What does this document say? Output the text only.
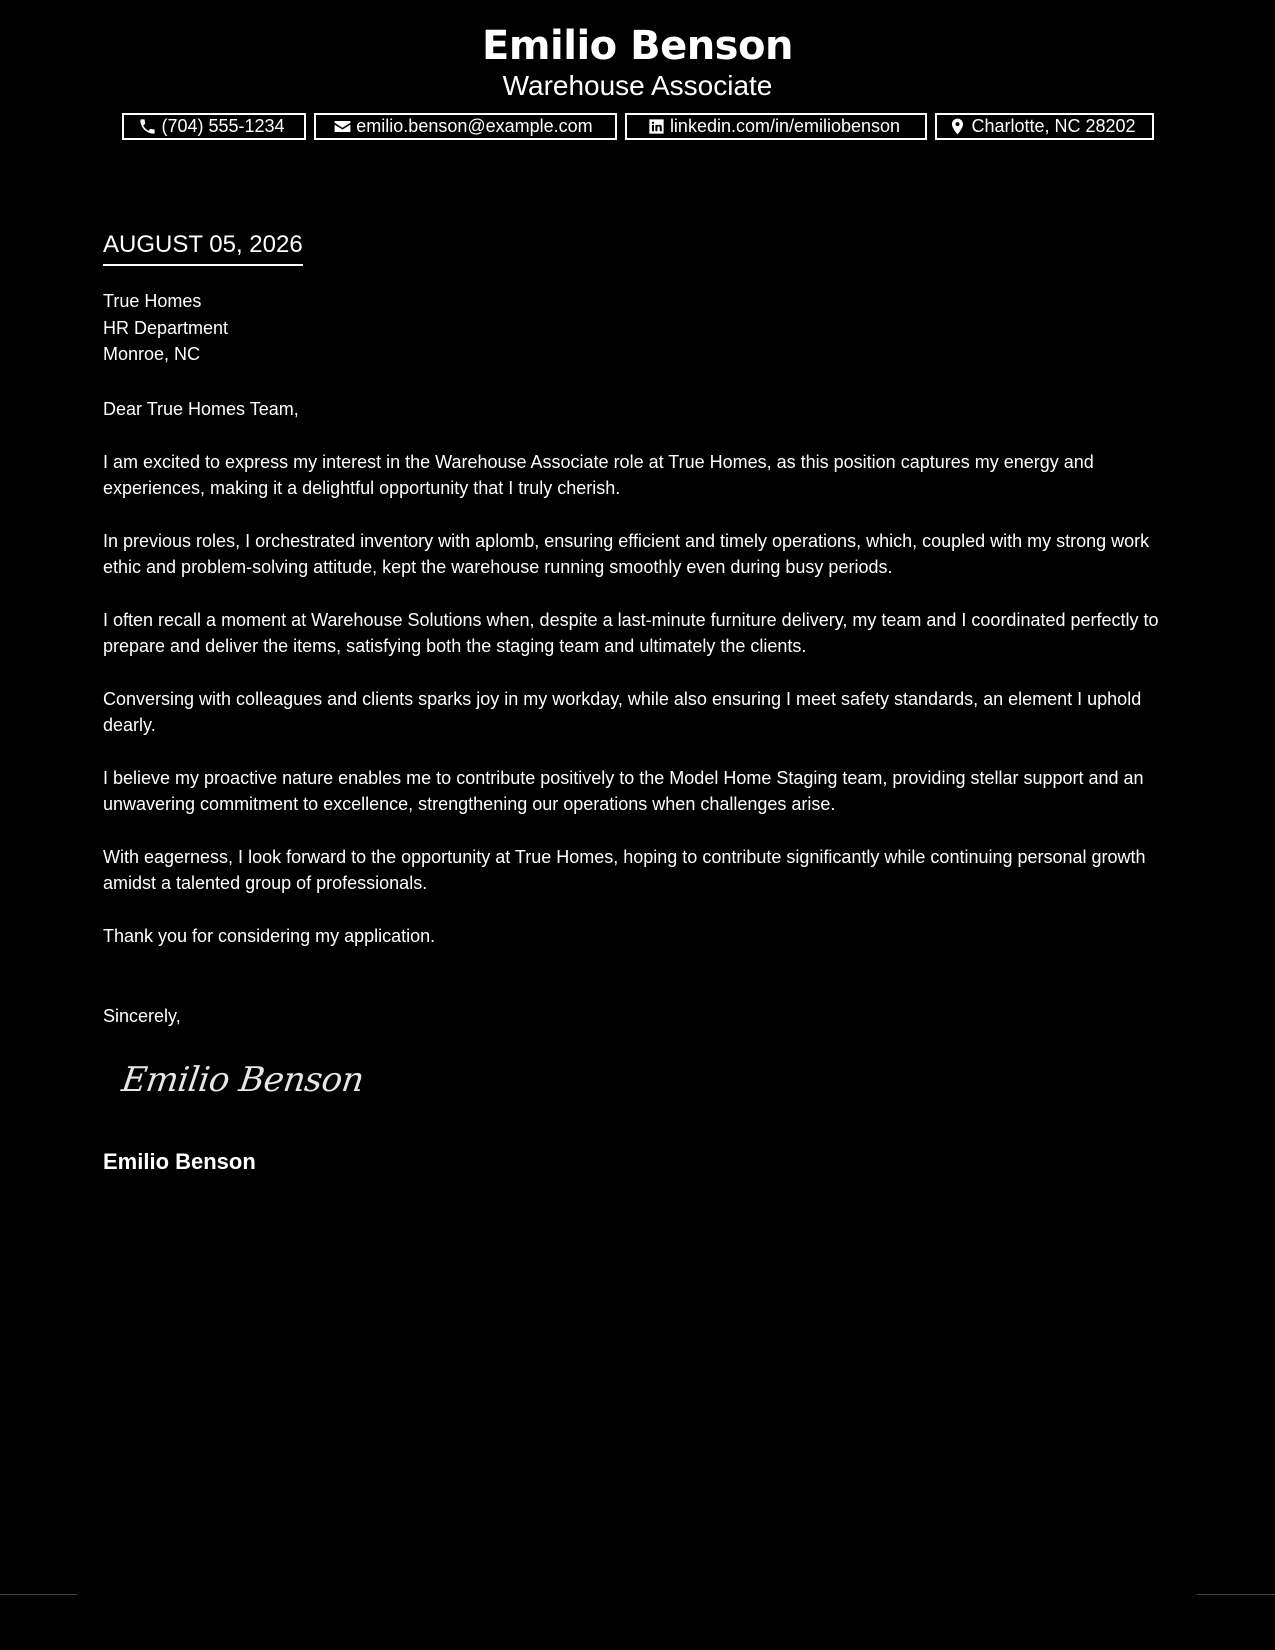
Emilio Benson
Warehouse Associate
(704) 555-1234	emilio.benson@example.com	linkedin.com/in/emiliobenson	Charlotte, NC 28202
AUGUST 05, 2026
True Homes
HR Department
Monroe, NC

Dear True Homes Team,

I am excited to express my interest in the Warehouse Associate role at True Homes, as this position captures my energy and experiences, making it a delightful opportunity that I truly cherish.

In previous roles, I orchestrated inventory with aplomb, ensuring efficient and timely operations, which, coupled with my strong work ethic and problem-solving attitude, kept the warehouse running smoothly even during busy periods.

I often recall a moment at Warehouse Solutions when, despite a last-minute furniture delivery, my team and I coordinated perfectly to prepare and deliver the items, satisfying both the staging team and ultimately the clients.

Conversing with colleagues and clients sparks joy in my workday, while also ensuring I meet safety standards, an element I uphold dearly.

I believe my proactive nature enables me to contribute positively to the Model Home Staging team, providing stellar support and an unwavering commitment to excellence, strengthening our operations when challenges arise.

With eagerness, I look forward to the opportunity at True Homes, hoping to contribute significantly while continuing personal growth amidst a talented group of professionals.

Thank you for considering my application.

Sincerely,
Emilio Benson
Emilio Benson
